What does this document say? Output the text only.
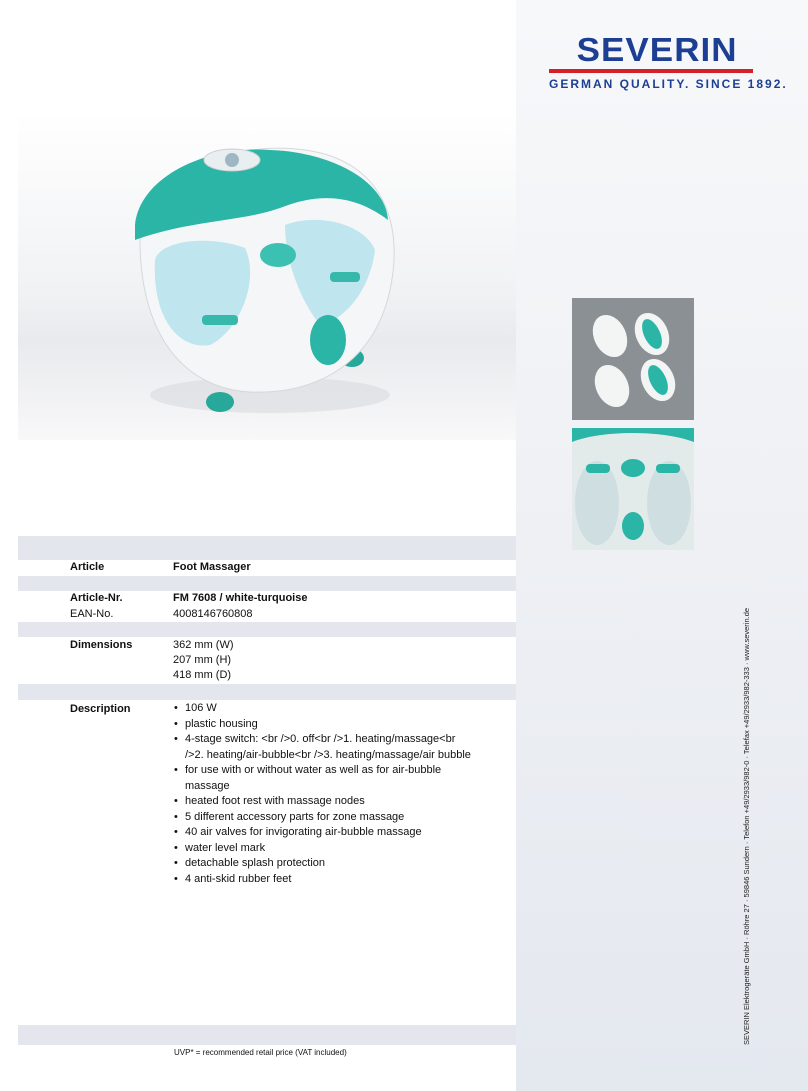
SEVERIN
GERMAN QUALITY. SINCE 1892.
Article	Foot Massager
Article-Nr.	FM 7608 / white-turquoise
EAN-No.	4008146760808
Dimensions	362 mm (W)
207 mm (H)
418 mm (D)
Description
•	106 W
• plastic housing
• 4-stage switch: <br />0. off<br />1. heating/massage<br />2. heating/air-bubble<br />3. heating/massage/air bubble
• for use with or without water as well as for air-bubble massage
• heated foot rest with massage nodes
• 5 different accessory parts for zone massage
• 40 air valves for invigorating air-bubble massage
• water level mark
• detachable splash protection
• 4 anti-skid rubber feet
UVP* = recommended retail price (VAT included)
SEVERIN Elektrogeräte GmbH · Röhre 27 · 59846 Sundern · Telefon +49/2933/982-0 · Telefax +49/2933/982-333 · www.severin.de
